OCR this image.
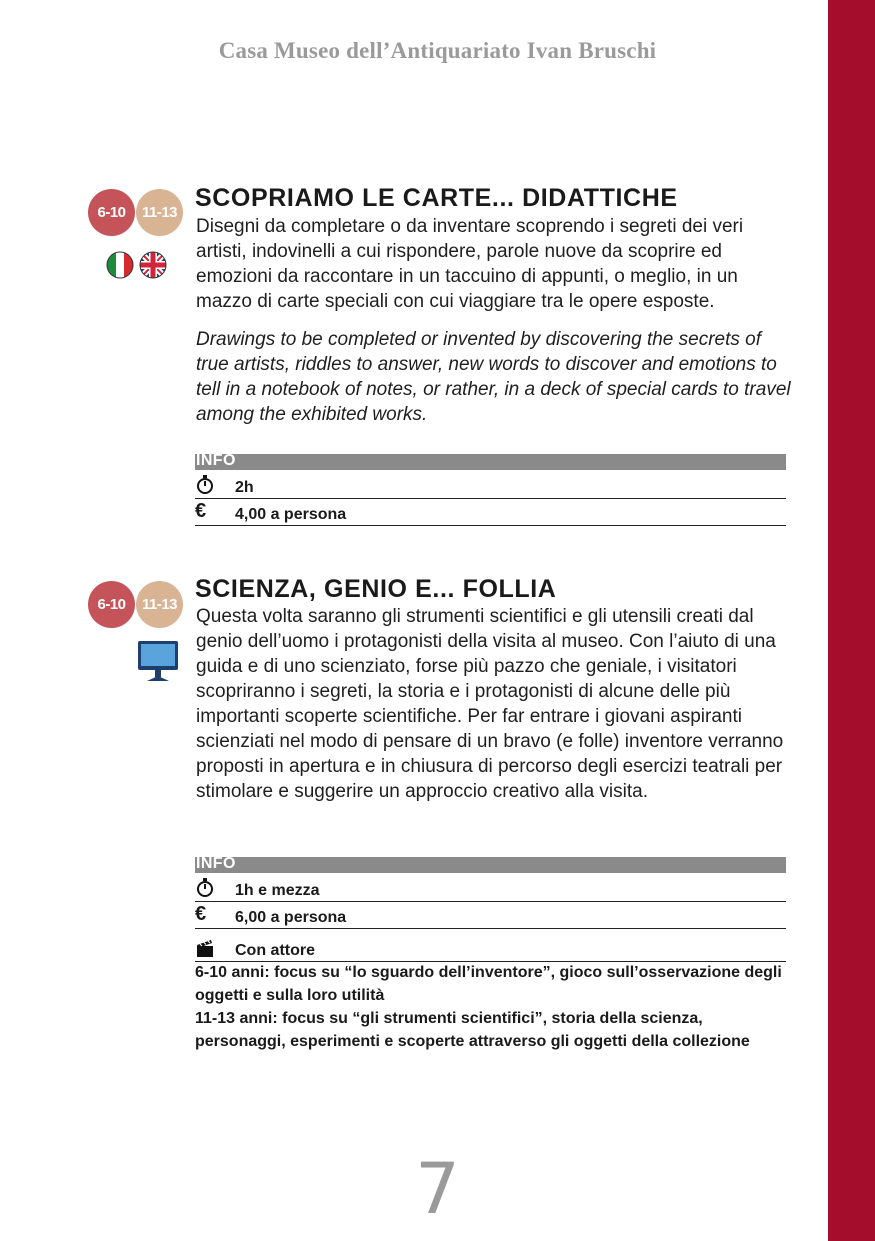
Casa Museo dell’Antiquariato Ivan Bruschi
6-10	11-13
SCOPRIAMO LE CARTE... DIDATTICHE

Disegni da completare o da inventare scoprendo i segreti dei veri artisti, indovinelli a cui rispondere, parole nuove da scoprire ed emozioni da raccontare in un taccuino di appunti, o meglio, in un mazzo di carte speciali con cui viaggiare tra le opere esposte.

Drawings to be completed or invented by discovering the secrets of true artists, riddles to answer, new words to discover and emotions to tell in a notebook of notes, or rather, in a deck of special cards to travel among the exhibited works.

INFO
2h
€	4,00 a persona
6-10	11-13
SCIENZA, GENIO E... FOLLIA

Questa volta saranno gli strumenti scientifici e gli utensili creati dal genio dell’uomo i protagonisti della visita al museo. Con l’aiuto di una guida e di uno scienziato, forse più pazzo che geniale, i visitatori scopriranno i segreti, la storia e i protagonisti di alcune delle più importanti scoperte scientifiche. Per far entrare i giovani aspiranti scienziati nel modo di pensare di un bravo (e folle) inventore verranno proposti in apertura e in chiusura di percorso degli esercizi teatrali per stimolare e suggerire un approccio creativo alla visita.

INFO
1h e mezza
€	6,00 a persona
Con attore

6-10 anni: focus su “lo sguardo dell’inventore”, gioco sull’osservazione degli oggetti e sulla loro utilità

11-13 anni: focus su “gli strumenti scientifici”, storia della scienza, personaggi, esperimenti e scoperte attraverso gli oggetti della collezione

7
